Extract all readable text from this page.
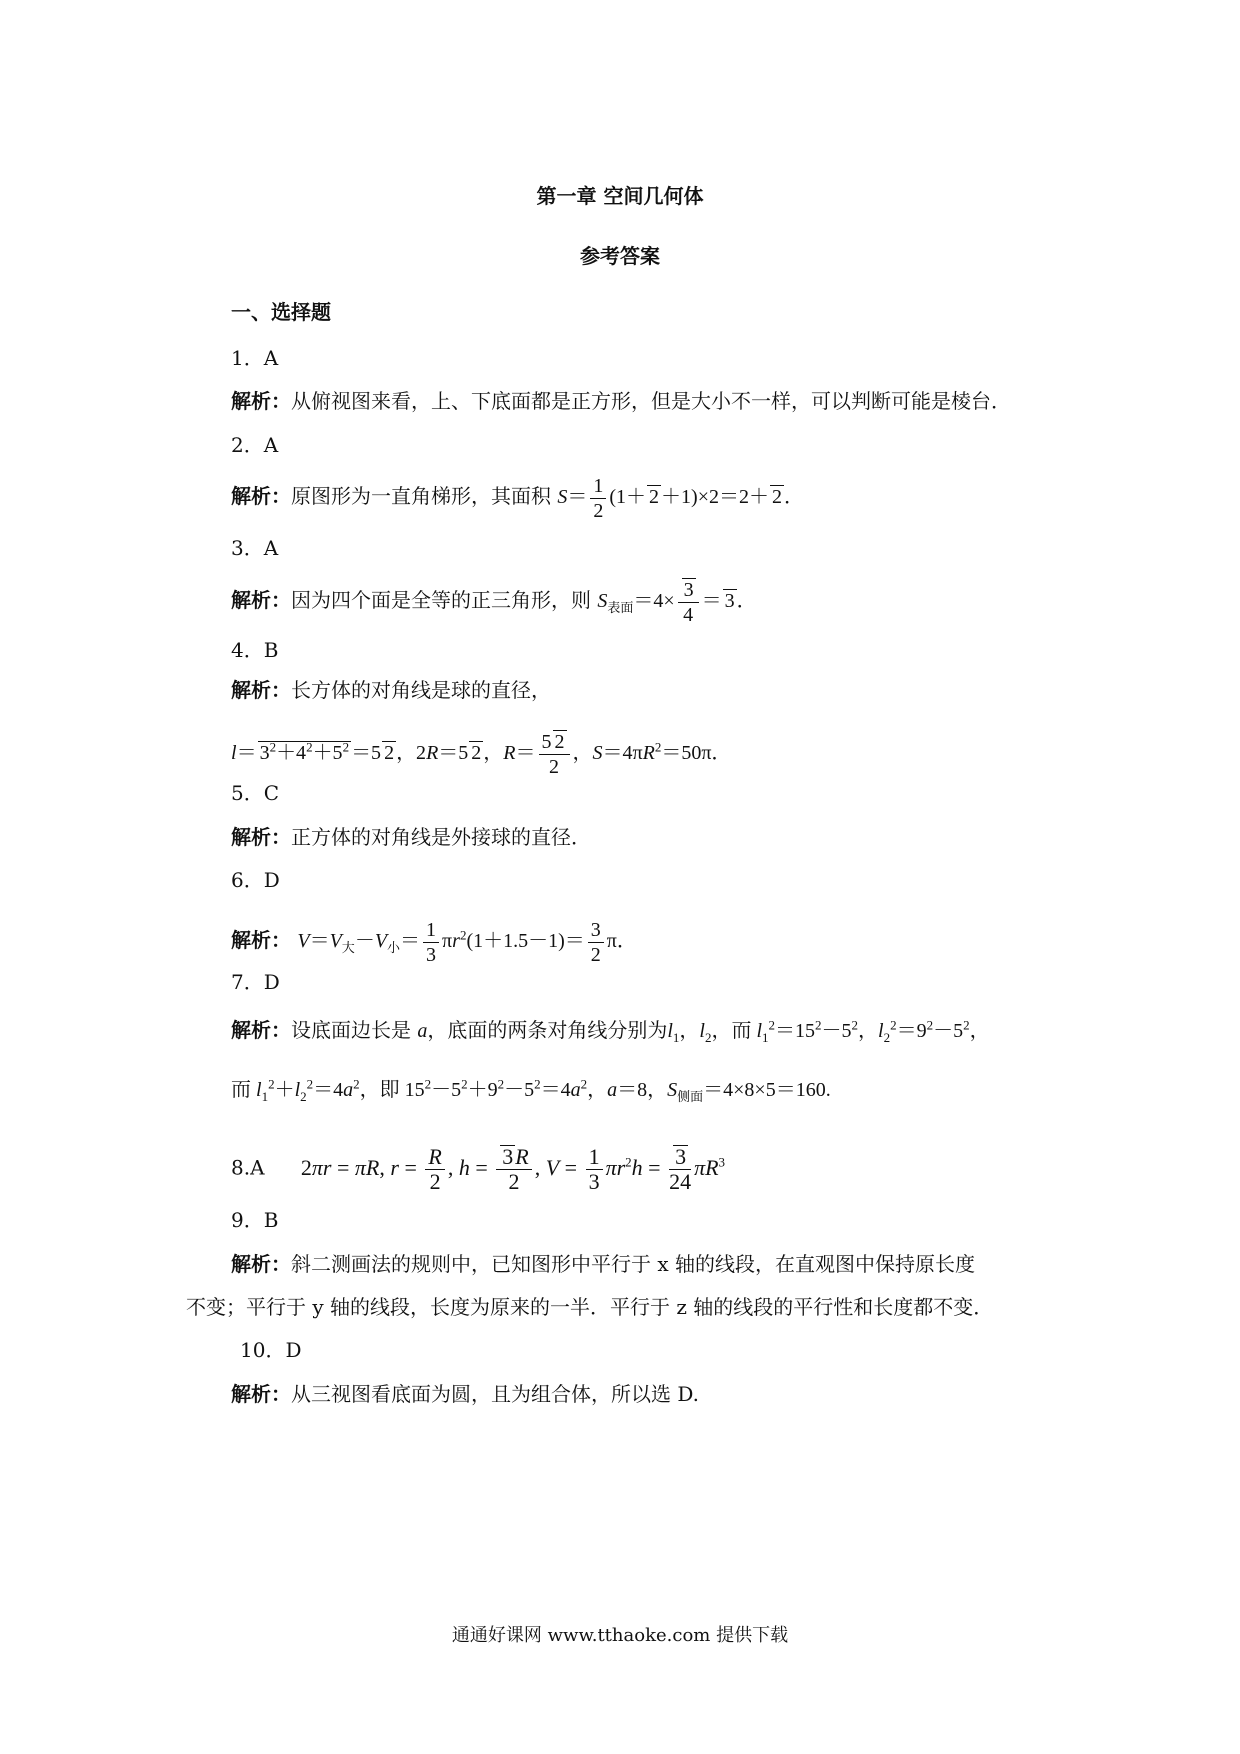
第一章 空间几何体
参考答案
一、选择题
1．A
解析：从俯视图来看，上、下底面都是正方形，但是大小不一样，可以判断可能是棱台．
2．A
解析：原图形为一直角梯形，其面积 $S= \frac{1}{2} (1+ 2 +1)\times 2=2+ 2$ ．
3．A
解析：因为四个面是全等的正三角形，则 $S_{表面}=4\times \frac{3}{4} = 3$ ．
4．B
解析：长方体的对角线是球的直径，
$l= 3^2+4^2+5^2 =5$ 2 ，2R＝5 2 ，$R= \frac{5 2}{2}$ ，$S=4\pi R^2=50\pi$．
5．C
解析：正方体的对角线是外接球的直径．
6．D
解析： $V=V_大-V_小= \frac{1}{3} \pi r^2(1+1.5-1)= \frac{3}{2}$ π．
7．D
解析：设底面边长是 a，底面的两条对角线分别为$l_1$，$l_2$，而 $l_1^2=15^2-5^2$，$l_2^2=9^2-5^2$，
而 $l_1^2+l_2^2=4a^2$，即 $15^2-5^2+9^2-5^2=4a^2$，a＝8，$S_{侧面}=4\times 8\times 5=160$.
8.A 2πr = πR, $r = \frac{R}{2}$ , $h = \frac{3R}{2}$ , $V = \frac{1}{3} \pi r^2h = \frac{3}{24} \pi R^3$
9．B
解析：斜二测画法的规则中，已知图形中平行于 x 轴的线段，在直观图中保持原长度
不变；平行于 y 轴的线段，长度为原来的一半．平行于 z 轴的线段的平行性和长度都不变．
10．D
解析：从三视图看底面为圆，且为组合体，所以选 D.
通通好课网 www.tthaoke.com 提供下载
